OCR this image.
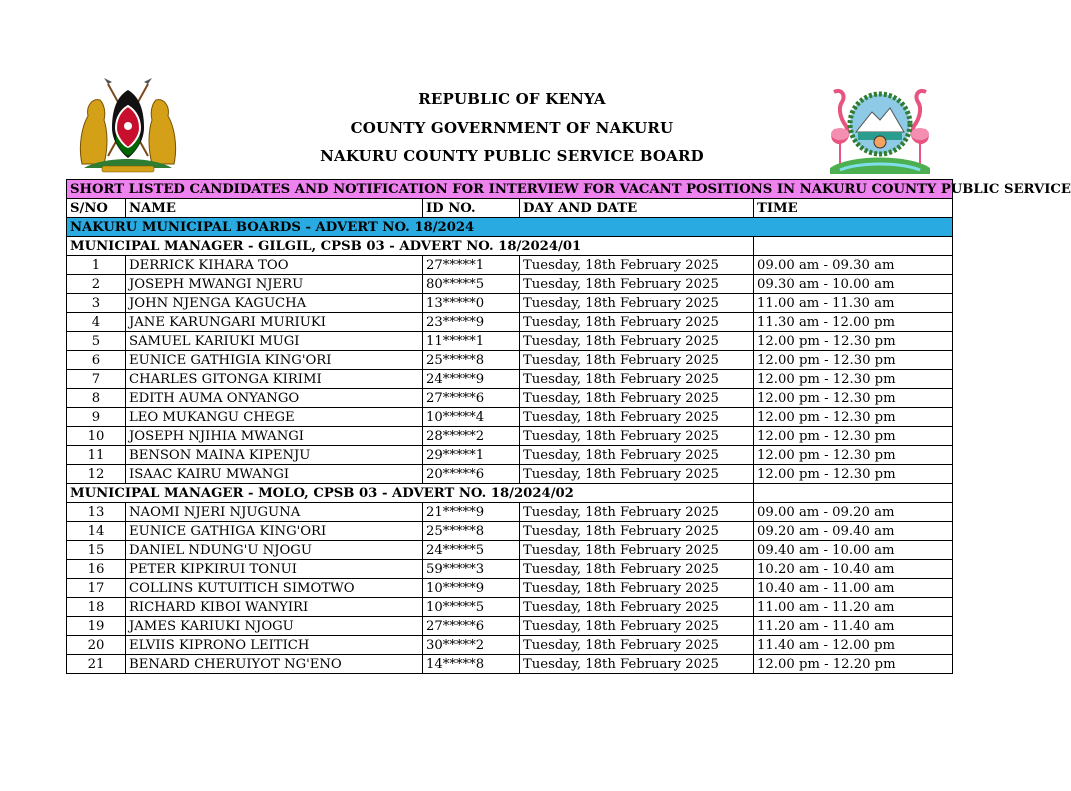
REPUBLIC OF KENYA
COUNTY GOVERNMENT OF NAKURU
NAKURU COUNTY PUBLIC SERVICE BOARD
SHORT LISTED CANDIDATES AND NOTIFICATION FOR INTERVIEW FOR VACANT POSITIONS IN NAKURU COUNTY PUBLIC SERVICE				
S/NO	NAME	ID NO.	DAY AND DATE	TIME
NAKURU MUNICIPAL BOARDS - ADVERT NO. 18/2024				
MUNICIPAL MANAGER - GILGIL, CPSB 03 - ADVERT NO. 18/2024/01				
1	DERRICK KIHARA TOO	27*****1	Tuesday, 18th February 2025	09.00 am - 09.30 am
2	JOSEPH MWANGI NJERU	80*****5	Tuesday, 18th February 2025	09.30 am - 10.00 am
3	JOHN NJENGA KAGUCHA	13*****0	Tuesday, 18th February 2025	11.00 am - 11.30 am
4	JANE KARUNGARI MURIUKI	23*****9	Tuesday, 18th February 2025	11.30 am - 12.00 pm
5	SAMUEL KARIUKI MUGI	11*****1	Tuesday, 18th February 2025	12.00 pm - 12.30 pm
6	EUNICE GATHIGIA KING'ORI	25*****8	Tuesday, 18th February 2025	12.00 pm - 12.30 pm
7	CHARLES GITONGA KIRIMI	24*****9	Tuesday, 18th February 2025	12.00 pm - 12.30 pm
8	EDITH AUMA ONYANGO	27*****6	Tuesday, 18th February 2025	12.00 pm - 12.30 pm
9	LEO MUKANGU CHEGE	10*****4	Tuesday, 18th February 2025	12.00 pm - 12.30 pm
10	JOSEPH NJIHIA MWANGI	28*****2	Tuesday, 18th February 2025	12.00 pm - 12.30 pm
11	BENSON MAINA KIPENJU	29*****1	Tuesday, 18th February 2025	12.00 pm - 12.30 pm
12	ISAAC KAIRU MWANGI	20*****6	Tuesday, 18th February 2025	12.00 pm - 12.30 pm
MUNICIPAL MANAGER - MOLO, CPSB 03 - ADVERT NO. 18/2024/02				
13	NAOMI NJERI NJUGUNA	21*****9	Tuesday, 18th February 2025	09.00 am - 09.20 am
14	EUNICE GATHIGA KING'ORI	25*****8	Tuesday, 18th February 2025	09.20 am - 09.40 am
15	DANIEL NDUNG'U NJOGU	24*****5	Tuesday, 18th February 2025	09.40 am - 10.00 am
16	PETER KIPKIRUI TONUI	59*****3	Tuesday, 18th February 2025	10.20 am - 10.40 am
17	COLLINS KUTUITICH SIMOTWO	10*****9	Tuesday, 18th February 2025	10.40 am - 11.00 am
18	RICHARD KIBOI WANYIRI	10*****5	Tuesday, 18th February 2025	11.00 am - 11.20 am
19	JAMES KARIUKI NJOGU	27*****6	Tuesday, 18th February 2025	11.20 am - 11.40 am
20	ELVIIS KIPRONO LEITICH	30*****2	Tuesday, 18th February 2025	11.40 am - 12.00 pm
21	BENARD CHERUIYOT NG'ENO	14*****8	Tuesday, 18th February 2025	12.00 pm - 12.20 pm
